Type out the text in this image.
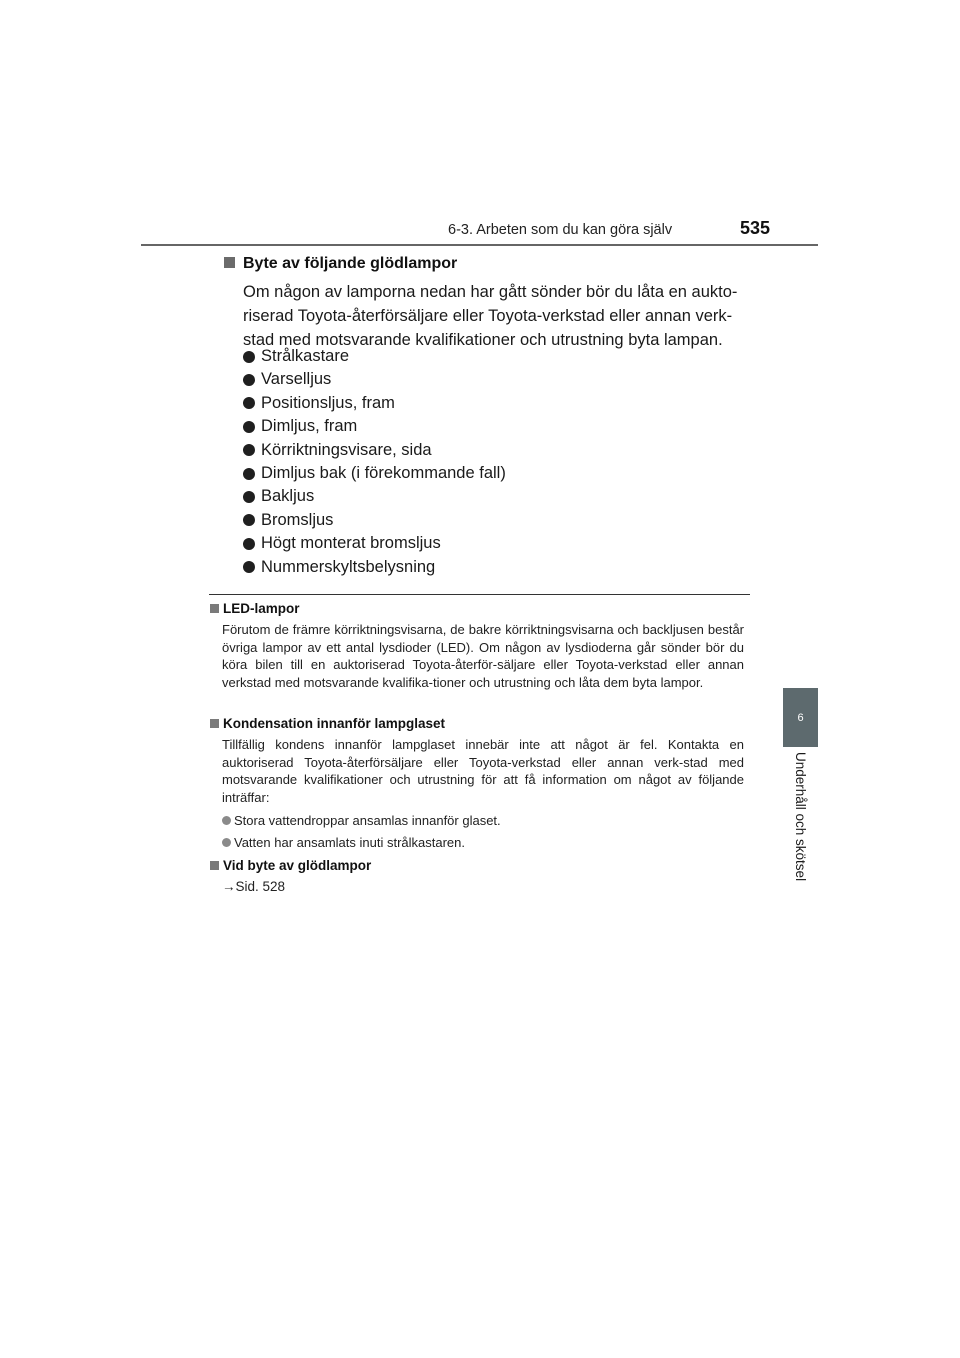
6-3. Arbeten som du kan göra själv	535
6
Underhåll och skötsel
Byte av följande glödlampor
Om någon av lamporna nedan har gått sönder bör du låta en aukto-
riserad Toyota-återförsäljare eller Toyota-verkstad eller annan verk-
stad med motsvarande kvalifikationer och utrustning byta lampan.
Strålkastare
Varselljus
Positionsljus, fram
Dimljus, fram
Körriktningsvisare, sida
Dimljus bak (i förekommande fall)
Bakljus
Bromsljus
Högt monterat bromsljus
Nummerskyltsbelysning
LED-lampor
Förutom de främre körriktningsvisarna, de bakre körriktningsvisarna och backljusen består övriga lampor av ett antal lysdioder (LED). Om någon av lysdioderna går sönder bör du köra bilen till en auktoriserad Toyota-återför-säljare eller Toyota-verkstad eller annan verkstad med motsvarande kvalifika-tioner och utrustning och låta dem byta lampor.
Kondensation innanför lampglaset
Tillfällig kondens innanför lampglaset innebär inte att något är fel. Kontakta en auktoriserad Toyota-återförsäljare eller Toyota-verkstad eller annan verk-stad med motsvarande kvalifikationer och utrustning för att få information om något av följande inträffar:
Stora vattendroppar ansamlas innanför glaset.
Vatten har ansamlats inuti strålkastaren.
Vid byte av glödlampor
→Sid. 528
